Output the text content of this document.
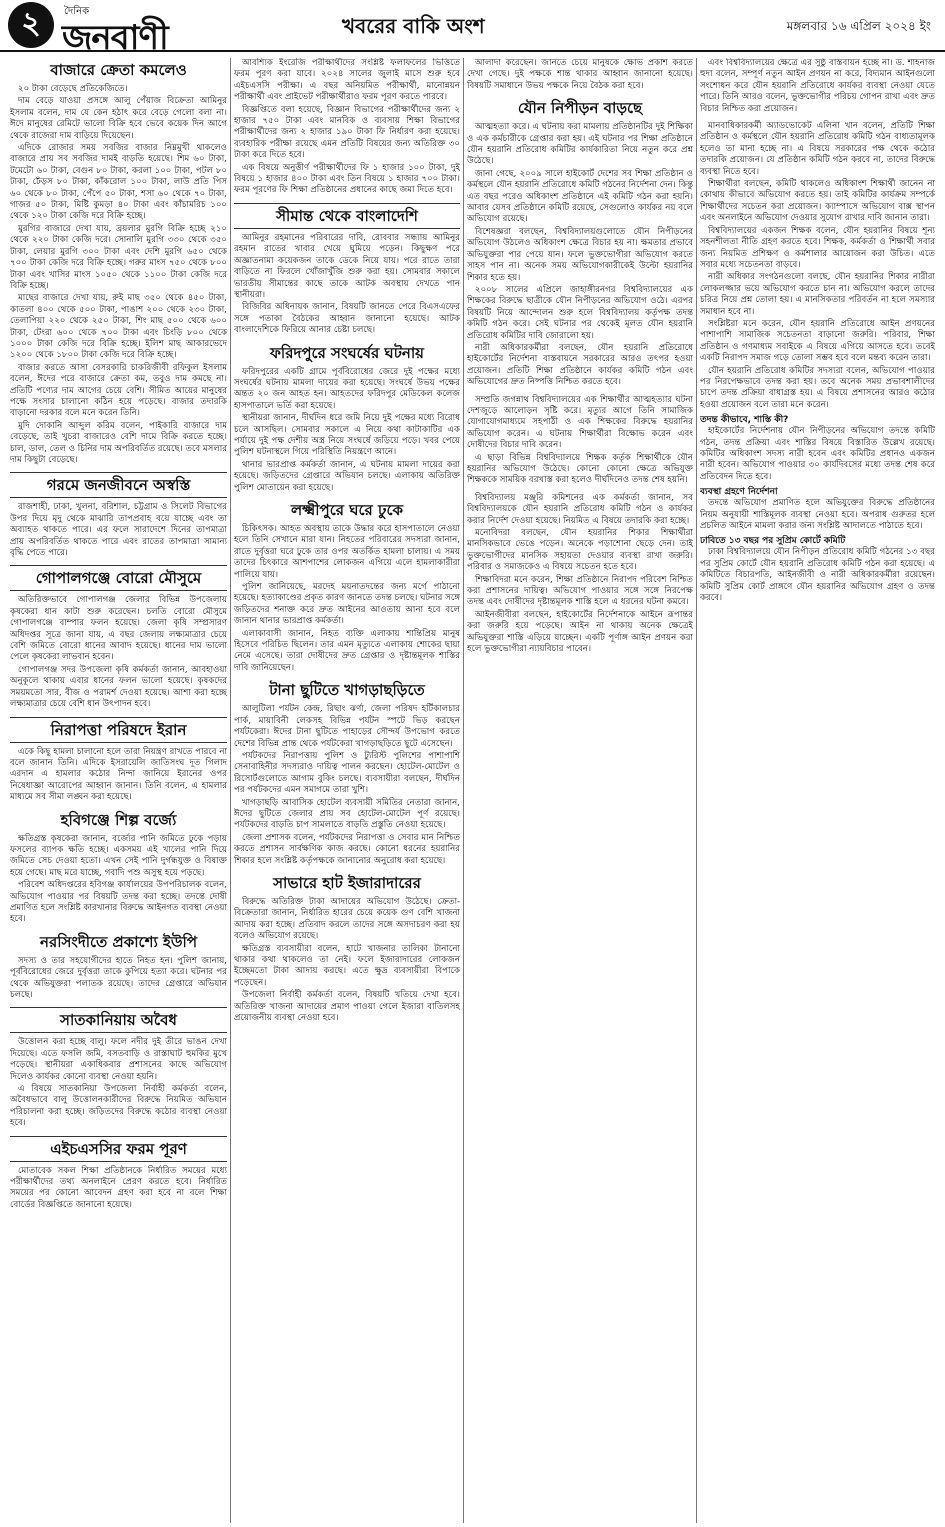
২	দৈনিক
জনবাণী	খবরের বাকি অংশ	মঙ্গলবার ১৬ এপ্রিল ২০২৪ ইং
বাজারে ক্রেতা কমলেও

২০ টাকা বেড়েছে প্রতিকেজিতে।

দাম বেড়ে যাওয়া প্রসঙ্গে আলু পেঁয়াজ বিক্রেতা আমিনুর ইসলাম বলেন, দাম যে কেন হঠাৎ করে বেড়ে গেলো বলা না। ঈদে মানুষের রেমিটে ভালো বিক্রি হবে ভেবে কয়েক দিন আগে থেকে রাজেরা দাম বাড়িয়ে দিয়েছেন।

এদিকে রোজার সময় সবজির বাজার নিম্নমুখী থাকলেও বাজারে প্রায় সব সবজির দামই বাড়তি হয়েছে। শিম ৬০ টাকা, টমেটো ৬০ টাকা, বেগুন ৮০ টাকা, করলা ১০০ টাকা, পটল ৮০ টাকা, ঢেঁড়স ৮০ টাকা, কাঁকরোল ১০০ টাকা, লাউ প্রতি পিস ৬০ থেকে ৮০ টাকা, পেঁপে ৫০ টাকা, শসা ৬০ থেকে ৭০ টাকা, গাজর ৫০ টাকা, মিষ্টি কুমড়া ৪০ টাকা এবং কাঁচামরিচ ১০০ থেকে ১২০ টাকা কেজি দরে বিক্রি হচ্ছে।

মুরগির বাজারে দেখা যায়, ব্রয়লার মুরগি বিক্রি হচ্ছে ২১০ থেকে ২২০ টাকা কেজি দরে। সোনালি মুরগি ৩৩০ থেকে ৩৫০ টাকা, লেয়ার মুরগি ৩০০ টাকা এবং দেশি মুরগি ৬৫০ থেকে ৭০০ টাকা কেজি দরে বিক্রি হচ্ছে। গরুর মাংস ৭৫০ থেকে ৮০০ টাকা এবং খাসির মাংস ১০৫০ থেকে ১১০০ টাকা কেজি দরে বিক্রি হচ্ছে।

মাছের বাজারে দেখা যায়, রুই মাছ ৩৫০ থেকে ৪৫০ টাকা, কাতলা ৪০০ থেকে ৫০০ টাকা, পাঙাশ ২০০ থেকে ২৩০ টাকা, তেলাপিয়া ২২০ থেকে ২৫০ টাকা, শিং মাছ ৫০০ থেকে ৬০০ টাকা, টেংরা ৬০০ থেকে ৭০০ টাকা এবং চিংড়ি ৮০০ থেকে ১০০০ টাকা কেজি দরে বিক্রি হচ্ছে। ইলিশ মাছ আকারভেদে ১২০০ থেকে ১৮০০ টাকা কেজি দরে বিক্রি হচ্ছে।

বাজার করতে আসা বেসরকারি চাকরিজীবী রফিকুল ইসলাম বলেন, ঈদের পরে বাজারে ক্রেতা কম, তবুও দাম কমছে না। প্রতিটি পণ্যের দাম আগের চেয়ে বেশি। সীমিত আয়ের মানুষের পক্ষে সংসার চালানো কঠিন হয়ে পড়েছে। বাজার তদারকি বাড়ানো দরকার বলে মনে করেন তিনি।

মুদি দোকানি আব্দুল করিম বলেন, পাইকারি বাজারে দাম বেড়েছে, তাই খুচরা বাজারেও বেশি দামে বিক্রি করতে হচ্ছে। চাল, ডাল, তেল ও চিনির দাম অপরিবর্তিত রয়েছে। তবে মসলার দাম কিছুটা বেড়েছে।

গরমে জনজীবনে অস্বস্তি

রাজশাহী, ঢাকা, খুলনা, বরিশাল, চট্টগ্রাম ও সিলেট বিভাগের উপর দিয়ে মৃদু থেকে মাঝারি তাপপ্রবাহ বয়ে যাচ্ছে এবং তা অব্যাহত থাকতে পারে। এর ফলে সারাদেশে দিনের তাপমাত্রা প্রায় অপরিবর্তিত থাকতে পারে এবং রাতের তাপমাত্রা সামান্য বৃদ্ধি পেতে পারে।

গোপালগঞ্জে বোরো মৌসুমে

অতিরিক্তভাবে গোপালগঞ্জ জেলার বিভিন্ন উপজেলায় কৃষকেরা ধান কাটা শুরু করেছেন। চলতি বোরো মৌসুমে গোপালগঞ্জে বাম্পার ফলন হয়েছে। জেলা কৃষি সম্প্রসারণ অধিদপ্তর সূত্রে জানা যায়, এ বছর জেলায় লক্ষ্যমাত্রার চেয়ে বেশি জমিতে বোরো ধানের আবাদ হয়েছে। ধানের দাম ভালো পেলে কৃষকেরা লাভবান হবেন।

গোপালগঞ্জ সদর উপজেলা কৃষি কর্মকর্তা জানান, আবহাওয়া অনুকূলে থাকায় এবার ধানের ফলন ভালো হয়েছে। কৃষকদের সময়মতো সার, বীজ ও পরামর্শ দেওয়া হয়েছে। আশা করা হচ্ছে লক্ষ্যমাত্রার চেয়ে বেশি ধান উৎপাদন হবে।

নিরাপত্তা পরিষদে ইরান

একে কিছু হামলা চালানো হলে তারা নিয়ন্ত্রণ রাখতে পারবে না বলে জানান তিনি। এদিকে ইসরায়েলি জাতিসংঘ দূত গিলাদ এরদান এ হামলার কঠোর নিন্দা জানিয়ে ইরানের ওপর নিষেধাজ্ঞা আরোপের আহ্বান জানান। তিনি বলেন, এ হামলার মাধ্যমে সব সীমা লঙ্ঘন করা হয়েছে।

হবিগঞ্জে শিল্প বর্জ্যে

ক্ষতিগ্রস্ত কৃষকেরা জানান, বর্জ্যের পানি জমিতে ঢুকে পড়ায় ফসলের ব্যাপক ক্ষতি হচ্ছে। একসময় এই খালের পানি দিয়ে জমিতে সেচ দেওয়া হতো। এখন সেই পানি দুর্গন্ধযুক্ত ও বিষাক্ত হয়ে গেছে। মাছ মরে যাচ্ছে, গবাদি পশু অসুস্থ হয়ে পড়ছে।

পরিবেশ অধিদপ্তরের হবিগঞ্জ কার্যালয়ের উপপরিচালক বলেন, অভিযোগ পাওয়ার পর বিষয়টি তদন্ত করা হচ্ছে। তদন্তে দোষী প্রমাণিত হলে সংশ্লিষ্ট কারখানার বিরুদ্ধে আইনগত ব্যবস্থা নেওয়া হবে।

নরসিংদীতে প্রকাশ্যে ইউপি

সদস্য ও তার সহযোগীদের হাতে নিহত হন। পুলিশ জানায়, পূর্ববিরোধের জেরে দুর্বৃত্তরা তাকে কুপিয়ে হত্যা করে। ঘটনার পর থেকে অভিযুক্তরা পলাতক রয়েছে। তাদের গ্রেপ্তারে অভিযান চলছে।

সাতকানিয়ায় অবৈধ

উত্তোলন করা হচ্ছে বালু। ফলে নদীর দুই তীরে ভাঙন দেখা দিয়েছে। এতে ফসলি জমি, বসতবাড়ি ও রাস্তাঘাট হুমকির মুখে পড়েছে। স্থানীয়রা একাধিকবার প্রশাসনের কাছে অভিযোগ দিলেও কার্যকর কোনো ব্যবস্থা নেওয়া হয়নি।

এ বিষয়ে সাতকানিয়া উপজেলা নির্বাহী কর্মকর্তা বলেন, অবৈধভাবে বালু উত্তোলনকারীদের বিরুদ্ধে নিয়মিত অভিযান পরিচালনা করা হচ্ছে। জড়িতদের বিরুদ্ধে কঠোর ব্যবস্থা নেওয়া হবে।

এইচএসসির ফরম পূরণ

মোতাবেক সকল শিক্ষা প্রতিষ্ঠানকে নির্ধারিত সময়ের মধ্যে পরীক্ষার্থীদের তথ্য অনলাইনে প্রেরণ করতে হবে। নির্ধারিত সময়ের পর কোনো আবেদন গ্রহণ করা হবে না বলে শিক্ষা বোর্ডের বিজ্ঞপ্তিতে জানানো হয়েছে।

আবশ্যিক ইংরেজি পরীক্ষার্থীদের সংশ্লিষ্ট ফলাফলের ভিত্তিতে ফরম পূরণ করা যাবে। ২০২৪ সালের জুলাই মাসে শুরু হবে এইচএসসি পরীক্ষা। এ বছর অনিয়মিত পরীক্ষার্থী, মানোন্নয়ন পরীক্ষার্থী এবং প্রাইভেট পরীক্ষার্থীরাও ফরম পূরণ করতে পারবে।

বিজ্ঞপ্তিতে বলা হয়েছে, বিজ্ঞান বিভাগের পরীক্ষার্থীদের জন্য ২ হাজার ৭৫০ টাকা এবং মানবিক ও ব্যবসায় শিক্ষা বিভাগের পরীক্ষার্থীদের জন্য ২ হাজার ১৯০ টাকা ফি নির্ধারণ করা হয়েছে। ব্যবহারিক পরীক্ষা রয়েছে এমন প্রতিটি বিষয়ের জন্য অতিরিক্ত ৩০ টাকা করে দিতে হবে।

এক বিষয়ে অনুত্তীর্ণ পরীক্ষার্থীদের ফি ১ হাজার ১০০ টাকা, দুই বিষয়ে ১ হাজার ৪০০ টাকা এবং তিন বিষয়ে ১ হাজার ৭০০ টাকা। ফরম পূরণের ফি শিক্ষা প্রতিষ্ঠানের প্রধানের কাছে জমা দিতে হবে।

সীমান্ত থেকে বাংলাদেশি

আমিনুর রহমানের পরিবারের দাবি, রোববার সন্ধ্যায় আমিনুর রহমান রাতের খাবার খেয়ে ঘুমিয়ে পড়েন। কিছুক্ষণ পরে অজ্ঞাতনামা কয়েকজন তাকে ডেকে নিয়ে যায়। পরে রাতে তারা বাড়িতে না ফিরলে খোঁজাখুঁজি শুরু করা হয়। সোমবার সকালে ভারতীয় সীমান্তের কাছে তাকে আটক অবস্থায় দেখতে পান স্থানীয়রা।

বিজিবির অধিনায়ক জানান, বিষয়টি জানতে পেরে বিএসএফের সঙ্গে পতাকা বৈঠকের আহ্বান জানানো হয়েছে। আটক বাংলাদেশিকে ফিরিয়ে আনার চেষ্টা চলছে।

ফরিদপুরে সংঘর্ষের ঘটনায়

ফরিদপুরের একটি গ্রামে পূর্ববিরোধের জেরে দুই পক্ষের মধ্যে সংঘর্ষের ঘটনায় মামলা দায়ের করা হয়েছে। সংঘর্ষে উভয় পক্ষের অন্তত ২০ জন আহত হন। আহতদের ফরিদপুর মেডিকেল কলেজ হাসপাতালে ভর্তি করা হয়েছে।

স্থানীয়রা জানান, দীর্ঘদিন ধরে জমি নিয়ে দুই পক্ষের মধ্যে বিরোধ চলে আসছিল। সোমবার সকালে এ নিয়ে কথা কাটাকাটির এক পর্যায়ে দুই পক্ষ দেশীয় অস্ত্র নিয়ে সংঘর্ষে জড়িয়ে পড়ে। খবর পেয়ে পুলিশ ঘটনাস্থলে গিয়ে পরিস্থিতি নিয়ন্ত্রণে আনে।

থানার ভারপ্রাপ্ত কর্মকর্তা জানান, এ ঘটনায় মামলা দায়ের করা হয়েছে। জড়িতদের গ্রেপ্তারে অভিযান চলছে। এলাকায় অতিরিক্ত পুলিশ মোতায়েন করা হয়েছে।

লক্ষ্মীপুরে ঘরে ঢুকে

চিকিৎসক। আহত অবস্থায় তাকে উদ্ধার করে হাসপাতালে নেওয়া হলে তিনি সেখানে মারা যান। নিহতের পরিবারের সদস্যরা জানান, রাতে দুর্বৃত্তরা ঘরে ঢুকে তার ওপর অতর্কিত হামলা চালায়। এ সময় তাদের চিৎকারে আশপাশের লোকজন এগিয়ে এলে হামলাকারীরা পালিয়ে যায়।

পুলিশ জানিয়েছে, মরদেহ ময়নাতদন্তের জন্য মর্গে পাঠানো হয়েছে। হত্যাকাণ্ডের প্রকৃত কারণ জানতে তদন্ত চলছে। ঘটনার সঙ্গে জড়িতদের শনাক্ত করে দ্রুত আইনের আওতায় আনা হবে বলে জানান থানার ভারপ্রাপ্ত কর্মকর্তা।

এলাকাবাসী জানান, নিহত ব্যক্তি এলাকায় শান্তিপ্রিয় মানুষ হিসেবে পরিচিত ছিলেন। তার এমন মৃত্যুতে এলাকায় শোকের ছায়া নেমে এসেছে। তারা দোষীদের দ্রুত গ্রেপ্তার ও দৃষ্টান্তমূলক শাস্তির দাবি জানিয়েছেন।

টানা ছুটিতে খাগড়াছড়িতে

আলুটিলা পর্যটন কেন্দ্র, রিছাং ঝর্ণা, জেলা পরিষদ হর্টিকালচার পার্ক, মায়াবিনী লেকসহ বিভিন্ন পর্যটন স্পটে ভিড় করছেন পর্যটকেরা। ঈদের টানা ছুটিতে পাহাড়ের সৌন্দর্য উপভোগ করতে দেশের বিভিন্ন প্রান্ত থেকে পর্যটকেরা খাগড়াছড়িতে ছুটে এসেছেন।

পর্যটকদের নিরাপত্তায় পুলিশ ও ট্যুরিস্ট পুলিশের পাশাপাশি সেনাবাহিনীর সদস্যরাও দায়িত্ব পালন করছেন। হোটেল-মোটেল ও রিসোর্টগুলোতে আগাম বুকিং চলছে। ব্যবসায়ীরা বলছেন, দীর্ঘদিন পর পর্যটকদের এমন সমাগমে তারা খুশি।

খাগড়াছড়ি আবাসিক হোটেল ব্যবসায়ী সমিতির নেতারা জানান, ঈদের ছুটিতে জেলার প্রায় সব হোটেল-মোটেল পূর্ণ রয়েছে। পর্যটকদের বাড়তি চাপ সামলাতে বাড়তি প্রস্তুতি নেওয়া হয়েছে।

জেলা প্রশাসক বলেন, পর্যটকদের নিরাপত্তা ও সেবার মান নিশ্চিত করতে প্রশাসন সার্বক্ষণিক কাজ করছে। কোনো ধরনের হয়রানির শিকার হলে সংশ্লিষ্ট কর্তৃপক্ষকে জানানোর অনুরোধ করা হয়েছে।

সাভারে হাট ইজারাদারের

বিরুদ্ধে অতিরিক্ত টাকা আদায়ের অভিযোগ উঠেছে। ক্রেতা-বিক্রেতারা জানান, নির্ধারিত হারের চেয়ে কয়েক গুণ বেশি খাজনা আদায় করা হচ্ছে। প্রতিবাদ করলে তাদের সঙ্গে অসদাচরণ করা হয় বলেও অভিযোগ রয়েছে।

ক্ষতিগ্রস্ত ব্যবসায়ীরা বলেন, হাটে খাজনার তালিকা টানানো থাকার কথা থাকলেও তা নেই। ফলে ইজারাদারের লোকজন ইচ্ছেমতো টাকা আদায় করছে। এতে ক্ষুদ্র ব্যবসায়ীরা বিপাকে পড়েছেন।

উপজেলা নির্বাহী কর্মকর্তা বলেন, বিষয়টি খতিয়ে দেখা হবে। অতিরিক্ত খাজনা আদায়ের প্রমাণ পাওয়া গেলে ইজারা বাতিলসহ প্রয়োজনীয় ব্যবস্থা নেওয়া হবে।

আলাদা করেছেন। জানতে চেয়ে মানুষকে ক্ষোভ প্রকাশ করতে দেখা গেছে। দুই পক্ষকে শান্ত থাকার আহ্বান জানানো হয়েছে। বিষয়টি সমাধানে উভয় পক্ষকে নিয়ে বৈঠক করা হবে।

যৌন নিপীড়ন বাড়ছে

আত্মহত্যা করে। এ ঘটনায় করা মামলায় প্রতিষ্ঠানটির দুই শিক্ষিকা ও এক কর্মচারীকে গ্রেপ্তার করা হয়। এই ঘটনার পর শিক্ষা প্রতিষ্ঠানে যৌন হয়রানি প্রতিরোধ কমিটির কার্যকারিতা নিয়ে নতুন করে প্রশ্ন উঠেছে।

জানা গেছে, ২০০৯ সালে হাইকোর্ট দেশের সব শিক্ষা প্রতিষ্ঠান ও কর্মস্থলে যৌন হয়রানি প্রতিরোধে কমিটি গঠনের নির্দেশনা দেন। কিন্তু এত বছর পরেও অধিকাংশ প্রতিষ্ঠানে এই কমিটি গঠন করা হয়নি। আবার যেসব প্রতিষ্ঠানে কমিটি রয়েছে, সেগুলোও কার্যকর নয় বলে অভিযোগ রয়েছে।

বিশেষজ্ঞরা বলছেন, বিশ্ববিদ্যালয়গুলোতে যৌন নিপীড়নের অভিযোগ উঠলেও অধিকাংশ ক্ষেত্রে বিচার হয় না। ক্ষমতার প্রভাবে অভিযুক্তরা পার পেয়ে যান। ফলে ভুক্তভোগীরা অভিযোগ করতে সাহস পান না। অনেক সময় অভিযোগকারীকেই উল্টো হয়রানির শিকার হতে হয়।

২০০৮ সালের এপ্রিলে জাহাঙ্গীরনগর বিশ্ববিদ্যালয়ের এক শিক্ষকের বিরুদ্ধে ছাত্রীকে যৌন নিপীড়নের অভিযোগ ওঠে। এরপর বিষয়টি নিয়ে আন্দোলন শুরু হলে বিশ্ববিদ্যালয় কর্তৃপক্ষ তদন্ত কমিটি গঠন করে। সেই ঘটনার পর থেকেই মূলত যৌন হয়রানি প্রতিরোধ কমিটির দাবি জোরালো হয়।

নারী অধিকারকর্মীরা বলছেন, যৌন হয়রানি প্রতিরোধে হাইকোর্টের নির্দেশনা বাস্তবায়নে সরকারের আরও তৎপর হওয়া প্রয়োজন। প্রতিটি শিক্ষা প্রতিষ্ঠানে কার্যকর কমিটি গঠন এবং অভিযোগের দ্রুত নিষ্পত্তি নিশ্চিত করতে হবে।

সম্প্রতি জগন্নাথ বিশ্ববিদ্যালয়ের এক শিক্ষার্থীর আত্মহত্যার ঘটনা দেশজুড়ে আলোড়ন সৃষ্টি করে। মৃত্যুর আগে তিনি সামাজিক যোগাযোগমাধ্যমে সহপাঠী ও এক শিক্ষকের বিরুদ্ধে হয়রানির অভিযোগ করেন। এ ঘটনায় শিক্ষার্থীরা বিক্ষোভ করেন এবং দোষীদের বিচার দাবি করেন।

এ ছাড়া বিভিন্ন বিশ্ববিদ্যালয়ে শিক্ষক কর্তৃক শিক্ষার্থীকে যৌন হয়রানির অভিযোগ উঠেছে। কোনো কোনো ক্ষেত্রে অভিযুক্ত শিক্ষককে সাময়িক বরখাস্ত করা হলেও দীর্ঘদিনেও তদন্ত শেষ হয়নি।

বিশ্ববিদ্যালয় মঞ্জুরি কমিশনের এক কর্মকর্তা জানান, সব বিশ্ববিদ্যালয়কে যৌন হয়রানি প্রতিরোধ কমিটি গঠন ও কার্যকর করার নির্দেশ দেওয়া হয়েছে। নিয়মিত এ বিষয়ে তদারকি করা হচ্ছে।

মনোবিদরা বলছেন, যৌন হয়রানির শিকার শিক্ষার্থীরা মানসিকভাবে ভেঙে পড়েন। অনেকে পড়াশোনা ছেড়ে দেন। তাই ভুক্তভোগীদের মানসিক সহায়তা দেওয়ার ব্যবস্থা রাখা জরুরি। পরিবার ও সমাজকেও এ বিষয়ে সচেতন হতে হবে।

শিক্ষাবিদরা মনে করেন, শিক্ষা প্রতিষ্ঠানে নিরাপদ পরিবেশ নিশ্চিত করা প্রশাসনের দায়িত্ব। অভিযোগ পাওয়ার সঙ্গে সঙ্গে নিরপেক্ষ তদন্ত এবং দোষীদের দৃষ্টান্তমূলক শাস্তি হলে এ ধরনের ঘটনা কমবে।

আইনজীবীরা বলছেন, হাইকোর্টের নির্দেশনাকে আইনে রূপান্তর করা জরুরি হয়ে পড়েছে। আইন না থাকায় অনেক ক্ষেত্রেই অভিযুক্তরা শাস্তি এড়িয়ে যাচ্ছেন। একটি পূর্ণাঙ্গ আইন প্রণয়ন করা হলে ভুক্তভোগীরা ন্যায়বিচার পাবেন।

এবং বিশ্ববিদ্যালয়ের ক্ষেত্রে এর সুষ্ঠু বাস্তবায়ন হচ্ছে না। ড. শাহনাজ হুদা বলেন, সম্পূর্ণ নতুন আইন প্রণয়ন না করে, বিদ্যমান আইনগুলো সংশোধন করে যৌন হয়রানি প্রতিরোধে কার্যকর ব্যবস্থা নেওয়া যেতে পারে। তিনি আরও বলেন, ভুক্তভোগীর পরিচয় গোপন রাখা এবং দ্রুত বিচার নিশ্চিত করা প্রয়োজন।

মানবাধিকারকর্মী অ্যাডভোকেট এলিনা খান বলেন, প্রতিটি শিক্ষা প্রতিষ্ঠান ও কর্মস্থলে যৌন হয়রানি প্রতিরোধ কমিটি গঠন বাধ্যতামূলক হলেও তা মানা হচ্ছে না। এ বিষয়ে সরকারের পক্ষ থেকে কঠোর তদারকি প্রয়োজন। যে প্রতিষ্ঠান কমিটি গঠন করবে না, তাদের বিরুদ্ধে ব্যবস্থা নিতে হবে।

শিক্ষার্থীরা বলছেন, কমিটি থাকলেও অধিকাংশ শিক্ষার্থী জানেন না কোথায় কীভাবে অভিযোগ করতে হয়। তাই কমিটির কার্যক্রম সম্পর্কে শিক্ষার্থীদের সচেতন করা প্রয়োজন। ক্যাম্পাসে অভিযোগ বাক্স স্থাপন এবং অনলাইনে অভিযোগ দেওয়ার সুযোগ রাখার দাবি জানান তারা।

বিশ্ববিদ্যালয়ের একজন শিক্ষক বলেন, যৌন হয়রানির বিষয়ে শূন্য সহনশীলতা নীতি গ্রহণ করতে হবে। শিক্ষক, কর্মকর্তা ও শিক্ষার্থী সবার জন্য নিয়মিত প্রশিক্ষণ ও কর্মশালার আয়োজন করা উচিত। এতে সবার মধ্যে সচেতনতা বাড়বে।

নারী অধিকার সংগঠনগুলো বলছে, যৌন হয়রানির শিকার নারীরা লোকলজ্জার ভয়ে অভিযোগ করতে চান না। অভিযোগ করলে তাদের চরিত্র নিয়ে প্রশ্ন তোলা হয়। এ মানসিকতার পরিবর্তন না হলে সমস্যার সমাধান হবে না।

সংশ্লিষ্টরা মনে করেন, যৌন হয়রানি প্রতিরোধে আইন প্রণয়নের পাশাপাশি সামাজিক সচেতনতা বাড়ানো জরুরি। পরিবার, শিক্ষা প্রতিষ্ঠান ও গণমাধ্যম সবাইকে এ বিষয়ে এগিয়ে আসতে হবে। তবেই একটি নিরাপদ সমাজ গড়ে তোলা সম্ভব হবে বলে মন্তব্য করেন তারা।

যৌন হয়রানি প্রতিরোধ কমিটির সদস্যরা বলেন, অভিযোগ পাওয়ার পর নিরপেক্ষভাবে তদন্ত করা হয়। তবে অনেক সময় প্রভাবশালীদের চাপে তদন্ত প্রক্রিয়া বাধাগ্রস্ত হয়। এ বিষয়ে প্রশাসনের আরও কঠোর হওয়া প্রয়োজন বলে তারা মনে করেন।

তদন্ত কীভাবে, শাস্তি কী?

হাইকোর্টের নির্দেশনায় যৌন নিপীড়নের অভিযোগ তদন্তে কমিটি গঠন, তদন্ত প্রক্রিয়া এবং শাস্তির বিষয়ে বিস্তারিত উল্লেখ রয়েছে। কমিটির অধিকাংশ সদস্য নারী হবেন এবং কমিটির প্রধানও একজন নারী হবেন। অভিযোগ পাওয়ার ৩০ কার্যদিবসের মধ্যে তদন্ত শেষ করে প্রতিবেদন দিতে হবে।

ব্যবস্থা গ্রহণে নির্দেশনা

তদন্তে অভিযোগ প্রমাণিত হলে অভিযুক্তের বিরুদ্ধে প্রতিষ্ঠানের নিয়ম অনুযায়ী শাস্তিমূলক ব্যবস্থা নেওয়া হবে। অপরাধ গুরুতর হলে প্রচলিত আইনে মামলা করার জন্য সংশ্লিষ্ট আদালতে পাঠাতে হবে।

ঢাবিতে ১৩ বছর পর সুপ্রিম কোর্টে কমিটি

ঢাকা বিশ্ববিদ্যালয়ে যৌন নিপীড়ন প্রতিরোধ কমিটি গঠনের ১৩ বছর পর সুপ্রিম কোর্টে যৌন হয়রানি প্রতিরোধ কমিটি গঠন করা হয়েছে। এ কমিটিতে বিচারপতি, আইনজীবী ও নারী অধিকারকর্মীরা রয়েছেন। কমিটি সুপ্রিম কোর্ট প্রাঙ্গণে যৌন হয়রানির অভিযোগ গ্রহণ ও তদন্ত করবে।
